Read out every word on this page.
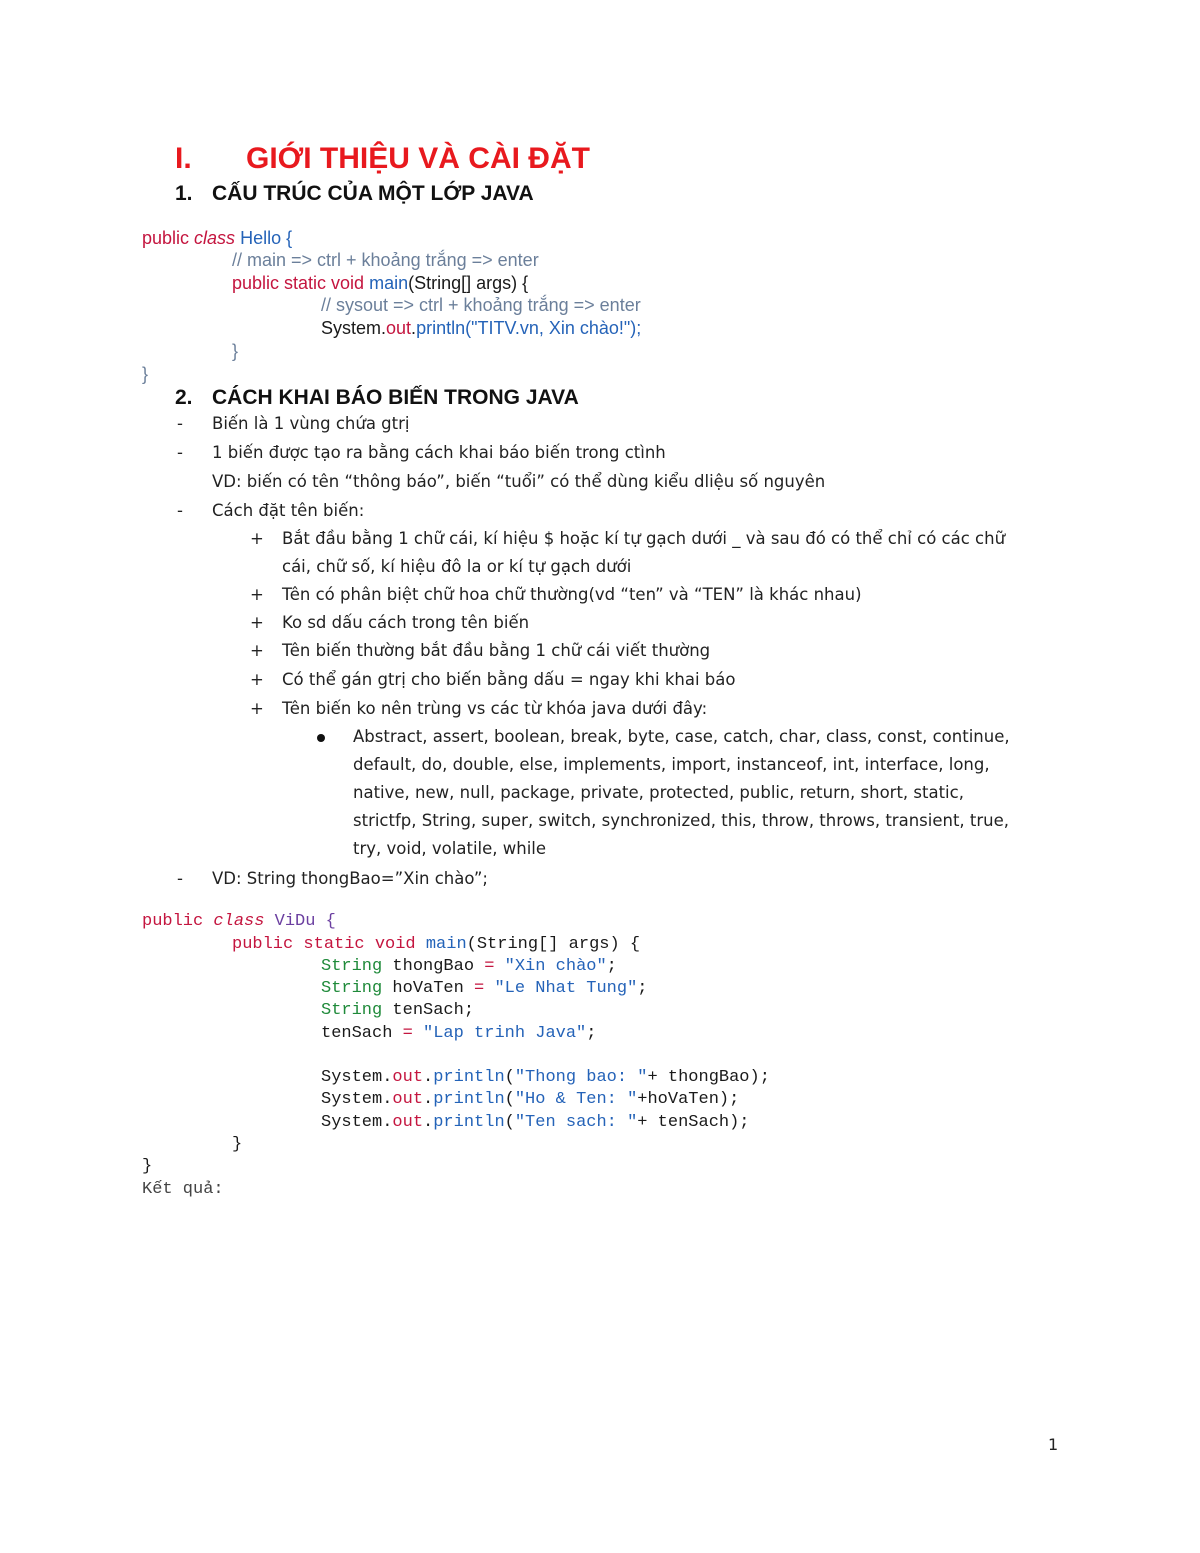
I. GIỚI THIỆU VÀ CÀI ĐẶT
1. CẤU TRÚC CỦA MỘT LỚP JAVA
public class Hello {
// main => ctrl + khoảng trắng => enter
public static void main(String[] args) {
// sysout => ctrl + khoảng trắng => enter
System.out.println("TITV.vn, Xin chào!");
}
}
2. CÁCH KHAI BÁO BIẾN TRONG JAVA
- Biến là 1 vùng chứa gtrị
- 1 biến được tạo ra bằng cách khai báo biến trong ctình
VD: biến có tên “thông báo”, biến “tuổi” có thể dùng kiểu dliệu số nguyên
- Cách đặt tên biến:
+ Bắt đầu bằng 1 chữ cái, kí hiệu $ hoặc kí tự gạch dưới _ và sau đó có thể chỉ có các chữ
cái, chữ số, kí hiệu đô la or kí tự gạch dưới
+ Tên có phân biệt chữ hoa chữ thường(vd “ten” và “TEN” là khác nhau)
+ Ko sd dấu cách trong tên biến
+ Tên biến thường bắt đầu bằng 1 chữ cái viết thường
+ Có thể gán gtrị cho biến bằng dấu = ngay khi khai báo
+ Tên biến ko nên trùng vs các từ khóa java dưới đây:
Abstract, assert, boolean, break, byte, case, catch, char, class, const, continue,
default, do, double, else, implements, import, instanceof, int, interface, long,
native, new, null, package, private, protected, public, return, short, static,
strictfp, String, super, switch, synchronized, this, throw, throws, transient, true,
try, void, volatile, while
- VD: String thongBao=”Xin chào”;
public class ViDu {
public static void main(String[] args) {
String thongBao = "Xin chào";
String hoVaTen = "Le Nhat Tung";
String tenSach;
tenSach = "Lap trinh Java";
System.out.println("Thong bao: "+ thongBao);
System.out.println("Ho & Ten: "+hoVaTen);
System.out.println("Ten sach: "+ tenSach);
}
}
Kết quả:
1
